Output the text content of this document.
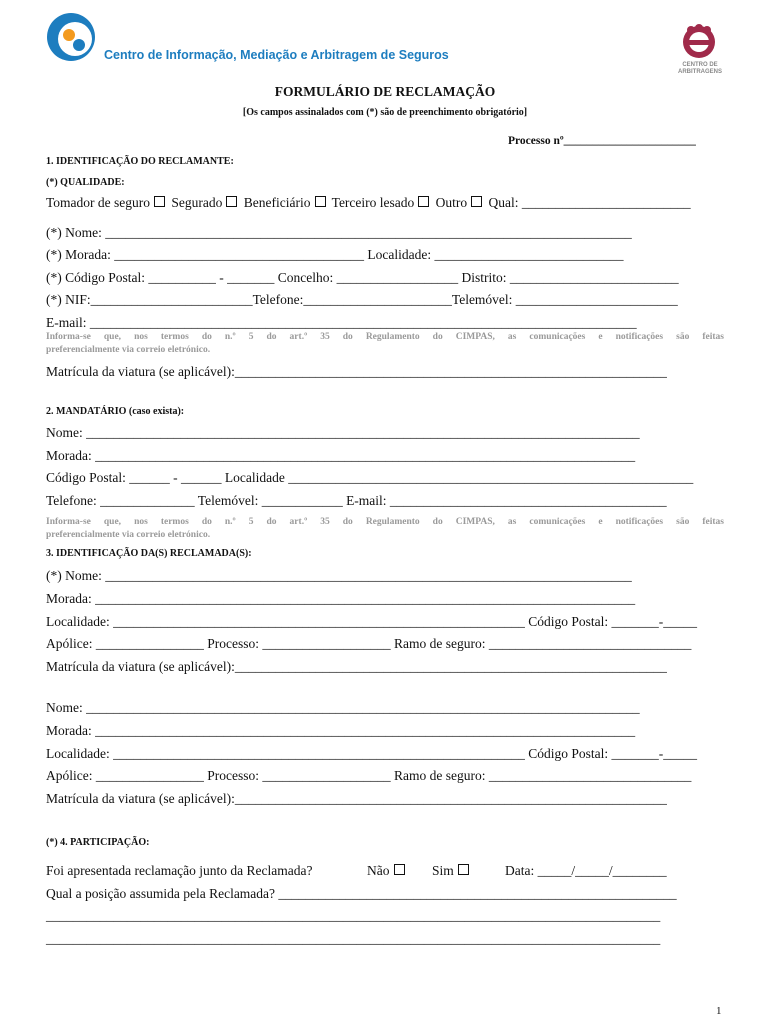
Centro de Informação, Mediação e Arbitragem de Seguros
CENTRO DE
ARBITRAGENS
FORMULÁRIO DE RECLAMAÇÃO
[Os campos assinalados com (*) são de preenchimento obrigatório]
Processo nº_______________________
1. IDENTIFICAÇÃO DO RECLAMANTE:
(*) QUALIDADE:
Tomador de seguro Segurado Beneficiário Terceiro lesado Outro Qual: _________________________
(*) Nome: ______________________________________________________________________________
(*) Morada: _____________________________________ Localidade: ____________________________
(*) Código Postal: __________ - _______ Concelho: __________________ Distrito: _________________________
(*) NIF:________________________Telefone:______________________Telemóvel: ________________________
E-mail: _________________________________________________________________________________
Informa-se que, nos termos do n.º 5 do art.º 35 do Regulamento do CIMPAS, as comunicações e notificações são feitas
preferencialmente via correio eletrónico.
Matrícula da viatura (se aplicável):________________________________________________________________
2. MANDATÁRIO (caso exista):
Nome: __________________________________________________________________________________
Morada: ________________________________________________________________________________
Código Postal: ______ - ______ Localidade ____________________________________________________________
Telefone: ______________ Telemóvel: ____________ E-mail: _________________________________________
Informa-se que, nos termos do n.º 5 do art.º 35 do Regulamento do CIMPAS, as comunicações e notificações são feitas
preferencialmente via correio eletrónico.
3. IDENTIFICAÇÃO DA(S) RECLAMADA(S):
(*) Nome: ______________________________________________________________________________
Morada: ________________________________________________________________________________
Localidade: _____________________________________________________________ Código Postal: _______-_____
Apólice: ________________ Processo: ___________________ Ramo de seguro: ______________________________
Matrícula da viatura (se aplicável):________________________________________________________________
Nome: __________________________________________________________________________________
Morada: ________________________________________________________________________________
Localidade: _____________________________________________________________ Código Postal: _______-_____
Apólice: ________________ Processo: ___________________ Ramo de seguro: ______________________________
Matrícula da viatura (se aplicável):________________________________________________________________
(*) 4. PARTICIPAÇÃO:
Foi apresentada reclamação junto da Reclamada?	Não	Sim	Data: _____/_____/________
Qual a posição assumida pela Reclamada? ___________________________________________________________
___________________________________________________________________________________________
___________________________________________________________________________________________
1
